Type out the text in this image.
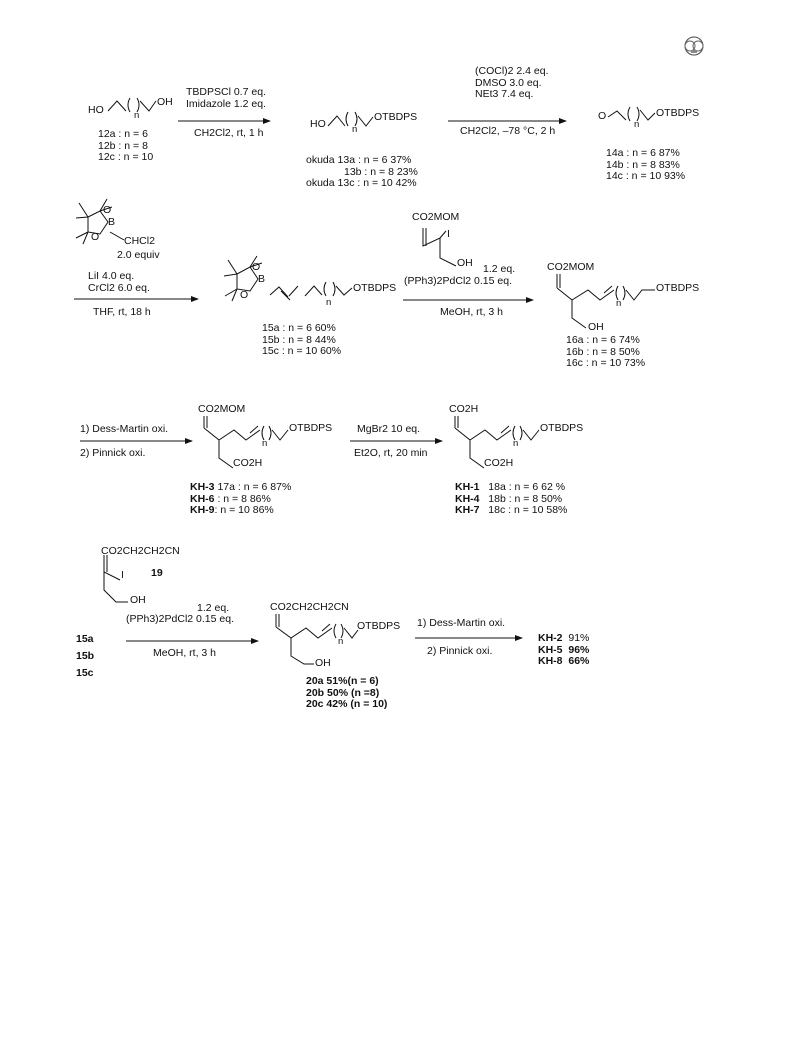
HO	n
OH
12a : n = 6
12b : n = 8
12c : n = 10
TBDPSCl 0.7 eq.
Imidazole 1.2 eq.
CH2Cl2, rt, 1 h
HO	n
OTBDPS
okuda 13a : n = 6 37%
13b : n = 8 23%
okuda 13c : n = 10 42%
(COCl)2 2.4 eq.
DMSO 3.0 eq.
NEt3 7.4 eq.
CH2Cl2, –78 °C, 2 h
O
n
OTBDPS
14a : n = 6 87%
14b : n = 8 83%
14c : n = 10 93%
O
O
B
CHCl2
2.0 equiv
LiI 4.0 eq.
CrCl2 6.0 eq.
THF, rt, 18 h
O
O
B
n
OTBDPS
15a : n = 6 60%
15b : n = 8 44%
15c : n = 10 60%
CO2MOM
I
OH 1.2 eq.
(PPh3)2PdCl2 0.15 eq.
MeOH, rt, 3 h
CO2MOM
n
OTBDPS
OH
16a : n = 6 74%
16b : n = 8 50%
16c : n = 10 73%
1) Dess-Martin oxi.
2) Pinnick oxi.
CO2MOM
n
OTBDPS
CO2H
KH-3 17a : n = 6 87%
KH-6 : n = 8 86%
KH-9: n = 10 86%
MgBr2 10 eq.
Et2O, rt, 20 min
CO2H
n
OTBDPS
CO2H
KH-1 18a : n = 6 62 %
KH-4 18b : n = 8 50%
KH-7 18c : n = 10 58%
CO2CH2CH2CN
19
I
OH
15a
15b
15c
1.2 eq.
(PPh3)2PdCl2 0.15 eq.
MeOH, rt, 3 h
CO2CH2CH2CN
n
OTBDPS
OH
20a 51%(n = 6)
20b 50% (n =8)
20c 42% (n = 10)
1) Dess-Martin oxi.
2) Pinnick oxi.
KH-2 91%
KH-5 96%
KH-8 66%
